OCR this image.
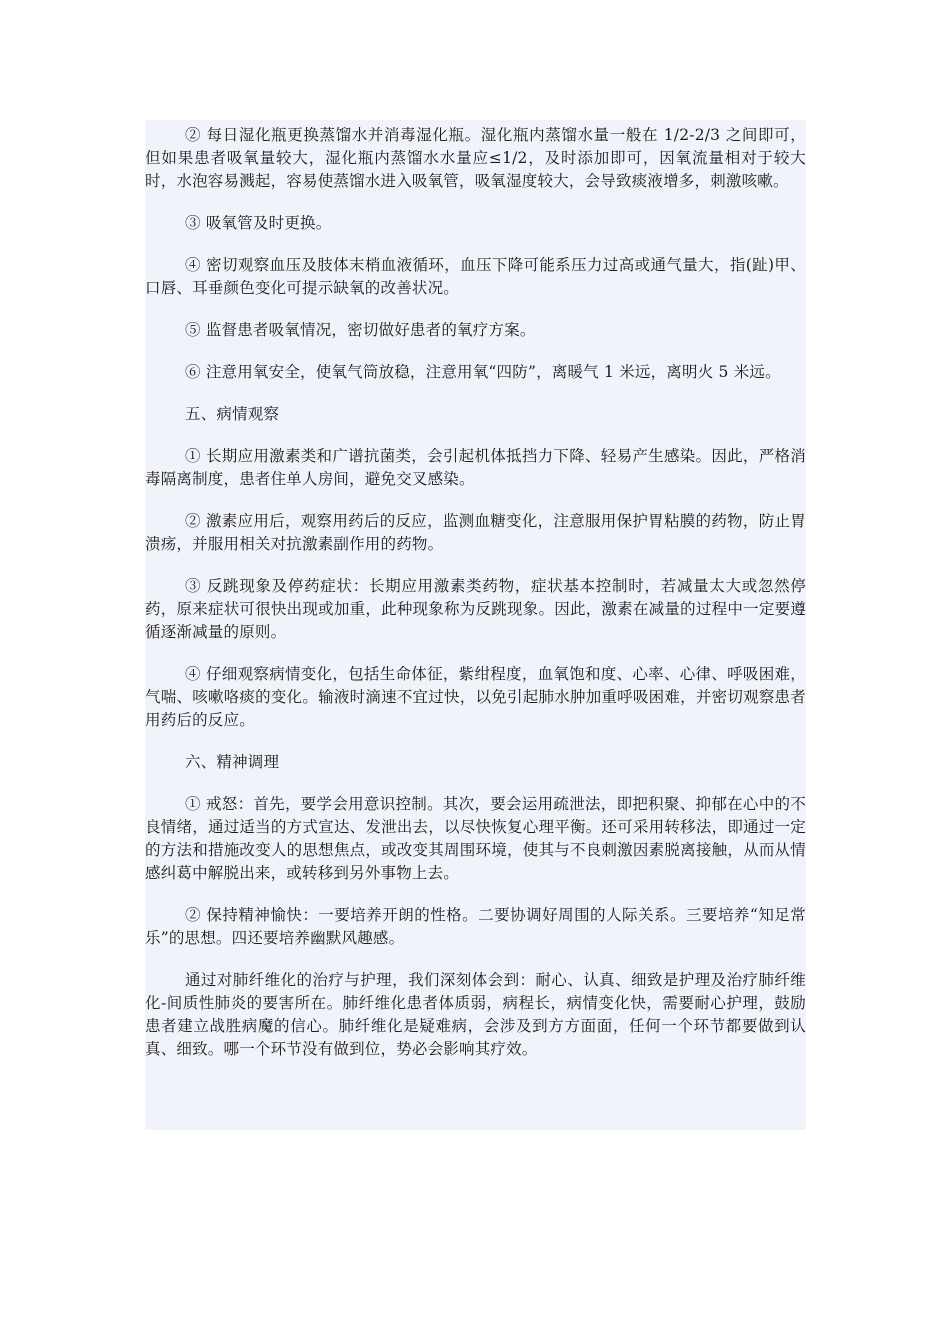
② 每日湿化瓶更换蒸馏水并消毒湿化瓶。湿化瓶内蒸馏水量一般在 1/2-2/3 之间即可，但如果患者吸氧量较大，湿化瓶内蒸馏水水量应≤1/2，及时添加即可，因氧流量相对于较大时，水泡容易溅起，容易使蒸馏水进入吸氧管，吸氧湿度较大，会导致痰液增多，刺激咳嗽。

③ 吸氧管及时更换。

④ 密切观察血压及肢体末梢血液循环，血压下降可能系压力过高或通气量大，指(趾)甲、口唇、耳垂颜色变化可提示缺氧的改善状况。

⑤ 监督患者吸氧情况，密切做好患者的氧疗方案。

⑥ 注意用氧安全，使氧气筒放稳，注意用氧“四防”，离暖气 1 米远，离明火 5 米远。

五、病情观察

① 长期应用激素类和广谱抗菌类，会引起机体抵挡力下降、轻易产生感染。因此，严格消毒隔离制度，患者住单人房间，避免交叉感染。

② 激素应用后，观察用药后的反应，监测血糖变化，注意服用保护胃粘膜的药物，防止胃溃疡，并服用相关对抗激素副作用的药物。

③ 反跳现象及停药症状：长期应用激素类药物，症状基本控制时，若减量太大或忽然停药，原来症状可很快出现或加重，此种现象称为反跳现象。因此，激素在减量的过程中一定要遵循逐渐减量的原则。

④ 仔细观察病情变化，包括生命体征，紫绀程度，血氧饱和度、心率、心律、呼吸困难，气喘、咳嗽咯痰的变化。输液时滴速不宜过快，以免引起肺水肿加重呼吸困难，并密切观察患者用药后的反应。

六、精神调理

① 戒怒：首先，要学会用意识控制。其次，要会运用疏泄法，即把积聚、抑郁在心中的不良情绪，通过适当的方式宣达、发泄出去，以尽快恢复心理平衡。还可采用转移法，即通过一定的方法和措施改变人的思想焦点，或改变其周围环境，使其与不良刺激因素脱离接触，从而从情感纠葛中解脱出来，或转移到另外事物上去。

② 保持精神愉快：一要培养开朗的性格。二要协调好周围的人际关系。三要培养“知足常乐”的思想。四还要培养幽默风趣感。

通过对肺纤维化的治疗与护理，我们深刻体会到：耐心、认真、细致是护理及治疗肺纤维化-间质性肺炎的要害所在。肺纤维化患者体质弱，病程长，病情变化快，需要耐心护理，鼓励患者建立战胜病魔的信心。肺纤维化是疑难病，会涉及到方方面面，任何一个环节都要做到认真、细致。哪一个环节没有做到位，势必会影响其疗效。
